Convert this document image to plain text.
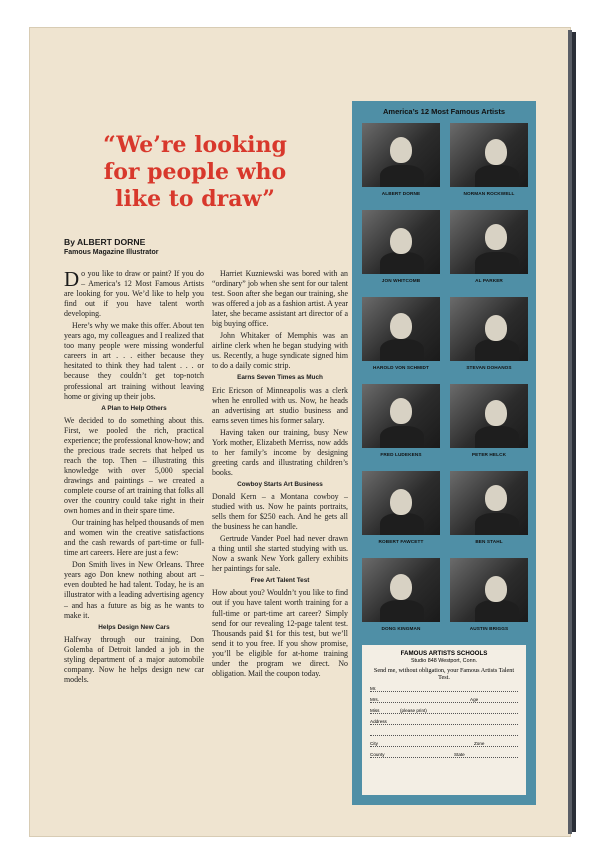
“We’re looking
for people who
like to draw”
By ALBERT DORNE
Famous Magazine Illustrator

Do you like to draw or paint? If you do – America’s 12 Most Famous Artists are looking for you. We’d like to help you find out if you have talent worth developing.

Here’s why we make this offer. About ten years ago, my colleagues and I realized that too many people were missing wonderful careers in art . . . either because they hesitated to think they had talent . . . or because they couldn’t get top-notch professional art training without leaving home or giving up their jobs.

A Plan to Help Others

We decided to do something about this. First, we pooled the rich, practical experience; the professional know-how; and the precious trade secrets that helped us reach the top. Then – illustrating this knowledge with over 5,000 special drawings and paintings – we created a complete course of art training that folks all over the country could take right in their own homes and in their spare time.

Our training has helped thousands of men and women win the creative satisfactions and the cash rewards of part-time or full-time art careers. Here are just a few:

Don Smith lives in New Orleans. Three years ago Don knew nothing about art – even doubted he had talent. Today, he is an illustrator with a leading advertising agency – and has a future as big as he wants to make it.

Helps Design New Cars

Halfway through our training, Don Golemba of Detroit landed a job in the styling department of a major automobile company. Now he helps design new car models.

Harriet Kuzniewski was bored with an “ordinary” job when she sent for our talent test. Soon after she began our training, she was offered a job as a fashion artist. A year later, she became assistant art director of a big buying office.

John Whitaker of Memphis was an airline clerk when he began studying with us. Recently, a huge syndicate signed him to do a daily comic strip.

Earns Seven Times as Much

Eric Ericson of Minneapolis was a clerk when he enrolled with us. Now, he heads an advertising art studio business and earns seven times his former salary.

Having taken our training, busy New York mother, Elizabeth Merriss, now adds to her family’s income by designing greeting cards and illustrating children’s books.

Cowboy Starts Art Business

Donald Kern – a Montana cowboy – studied with us. Now he paints portraits, sells them for $250 each. And he gets all the business he can handle.

Gertrude Vander Poel had never drawn a thing until she started studying with us. Now a swank New York gallery exhibits her paintings for sale.

Free Art Talent Test

How about you? Wouldn’t you like to find out if you have talent worth training for a full-time or part-time art career? Simply send for our revealing 12-page talent test. Thousands paid $1 for this test, but we’ll send it to you free. If you show promise, you’ll be eligible for at-home training under the program we direct. No obligation. Mail the coupon today.

America’s 12 Most Famous Artists
ALBERT DORNE	NORMAN ROCKWELL
JON WHITCOMB	AL PARKER
HAROLD VON SCHMIDT	STEVAN DOHANOS
FRED LUDEKENS	PETER HELCK
ROBERT FAWCETT	BEN STAHL
DONG KINGMAN	AUSTIN BRIGGS
FAMOUS ARTISTS SCHOOLS
Studio 848 Westport, Conn.
Send me, without obligation, your Famous Artists Talent Test.
Mr.
Mrs.	Age
Miss	(please print)
Address
City	Zone
County	State
